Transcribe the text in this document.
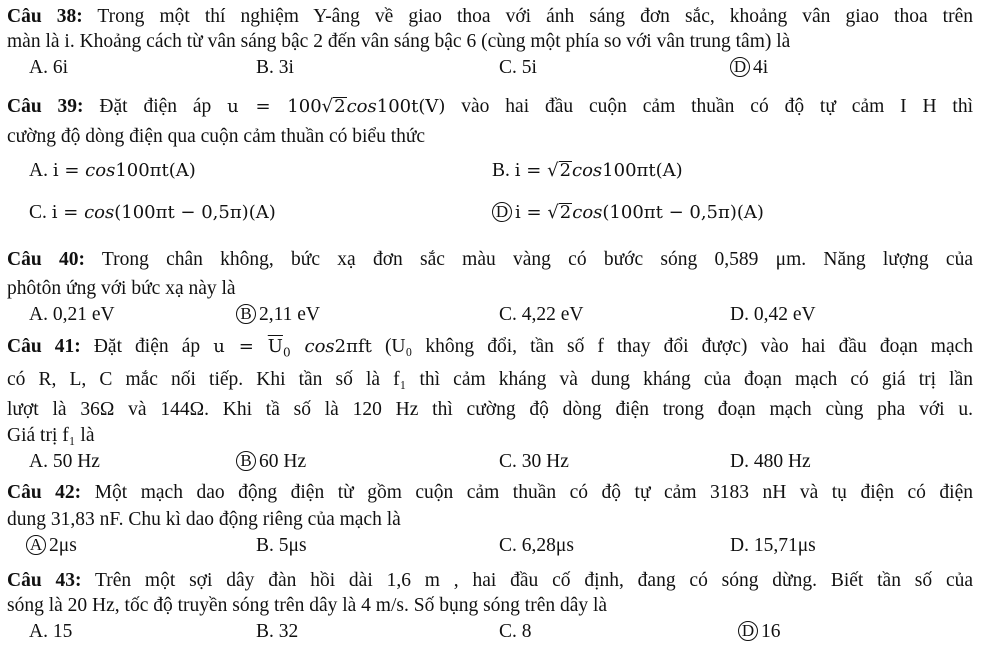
Câu 38: Trong một thí nghiệm Y-âng về giao thoa với ánh sáng đơn sắc, khoảng vân giao thoa trên
màn là i. Khoảng cách từ vân sáng bậc 2 đến vân sáng bậc 6 (cùng một phía so với vân trung tâm) là
A. 6i	B. 3i	C. 5i	D 4i
Câu 39: Đặt điện áp u = 100√2cos100t(V) vào hai đầu cuộn cảm thuần có độ tự cảm I H thì
cường độ dòng điện qua cuộn cảm thuần có biểu thức
A. i = cos100πt(A)	B. i = √2cos100πt(A)
C. i = cos(100πt − 0,5π)(A)	D i = √2cos(100πt − 0,5π)(A)
Câu 40: Trong chân không, bức xạ đơn sắc màu vàng có bước sóng 0,589 μm. Năng lượng của
phôtôn ứng với bức xạ này là
A. 0,21 eV	B 2,11 eV	C. 4,22 eV	D. 0,42 eV
Câu 41: Đặt điện áp $u = \overline{U}_0$ cos2πft (U₀ không đổi, tần số f thay đổi được) vào hai đầu đoạn mạch
có R, L, C mắc nối tiếp. Khi tần số là f₁ thì cảm kháng và dung kháng của đoạn mạch có giá trị lần
lượt là 36Ω và 144Ω. Khi tầ số là 120 Hz thì cường độ dòng điện trong đoạn mạch cùng pha với u.
Giá trị f₁ là
A. 50 Hz	B 60 Hz	C. 30 Hz	D. 480 Hz
Câu 42: Một mạch dao động điện từ gồm cuộn cảm thuần có độ tự cảm 3183 nH và tụ điện có điện
dung 31,83 nF. Chu kì dao động riêng của mạch là
A 2μs	B. 5μs	C. 6,28μs	D. 15,71μs
Câu 43: Trên một sợi dây đàn hồi dài 1,6 m , hai đầu cố định, đang có sóng dừng. Biết tần số của
sóng là 20 Hz, tốc độ truyền sóng trên dây là 4 m/s. Số bụng sóng trên dây là
A. 15	B. 32	C. 8	D 16
